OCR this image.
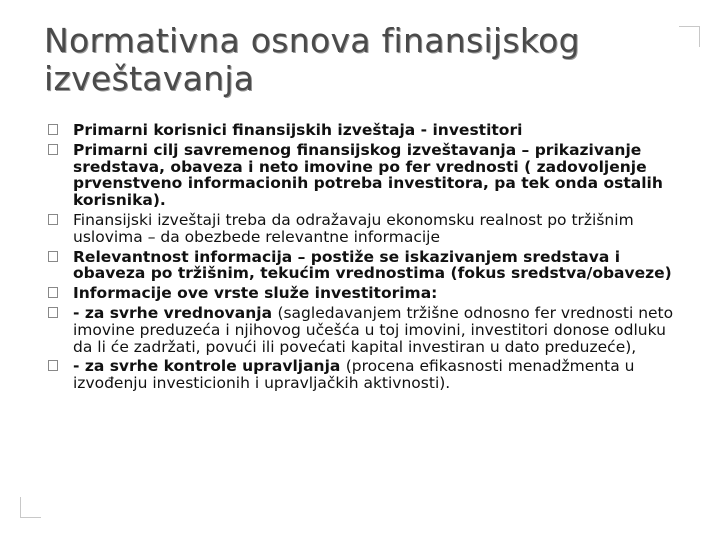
Normativna osnova finansijskog izveštavanja
Primarni korisnici finansijskih izveštaja - investitori
Primarni cilj savremenog finansijskog izveštavanja – prikazivanje sredstava, obaveza i neto imovine po fer vrednosti ( zadovoljenje prvenstveno informacionih potreba investitora, pa tek onda ostalih korisnika).
Finansijski izveštaji treba da odražavaju ekonomsku realnost po tržišnim uslovima – da obezbede relevantne informacije
Relevantnost informacija – postiže se iskazivanjem sredstava i obaveza po tržišnim, tekućim vrednostima (fokus sredstva/obaveze)
Informacije ove vrste služe investitorima:
- za svrhe vrednovanja (sagledavanjem tržišne odnosno fer vrednosti neto imovine preduzeća i njihovog učešća u toj imovini, investitori donose odluku da li će zadržati, povući ili povećati kapital investiran u dato preduzeće),
- za svrhe kontrole upravljanja (procena efikasnosti menadžmenta u izvođenju investicionih i upravljačkih aktivnosti).
